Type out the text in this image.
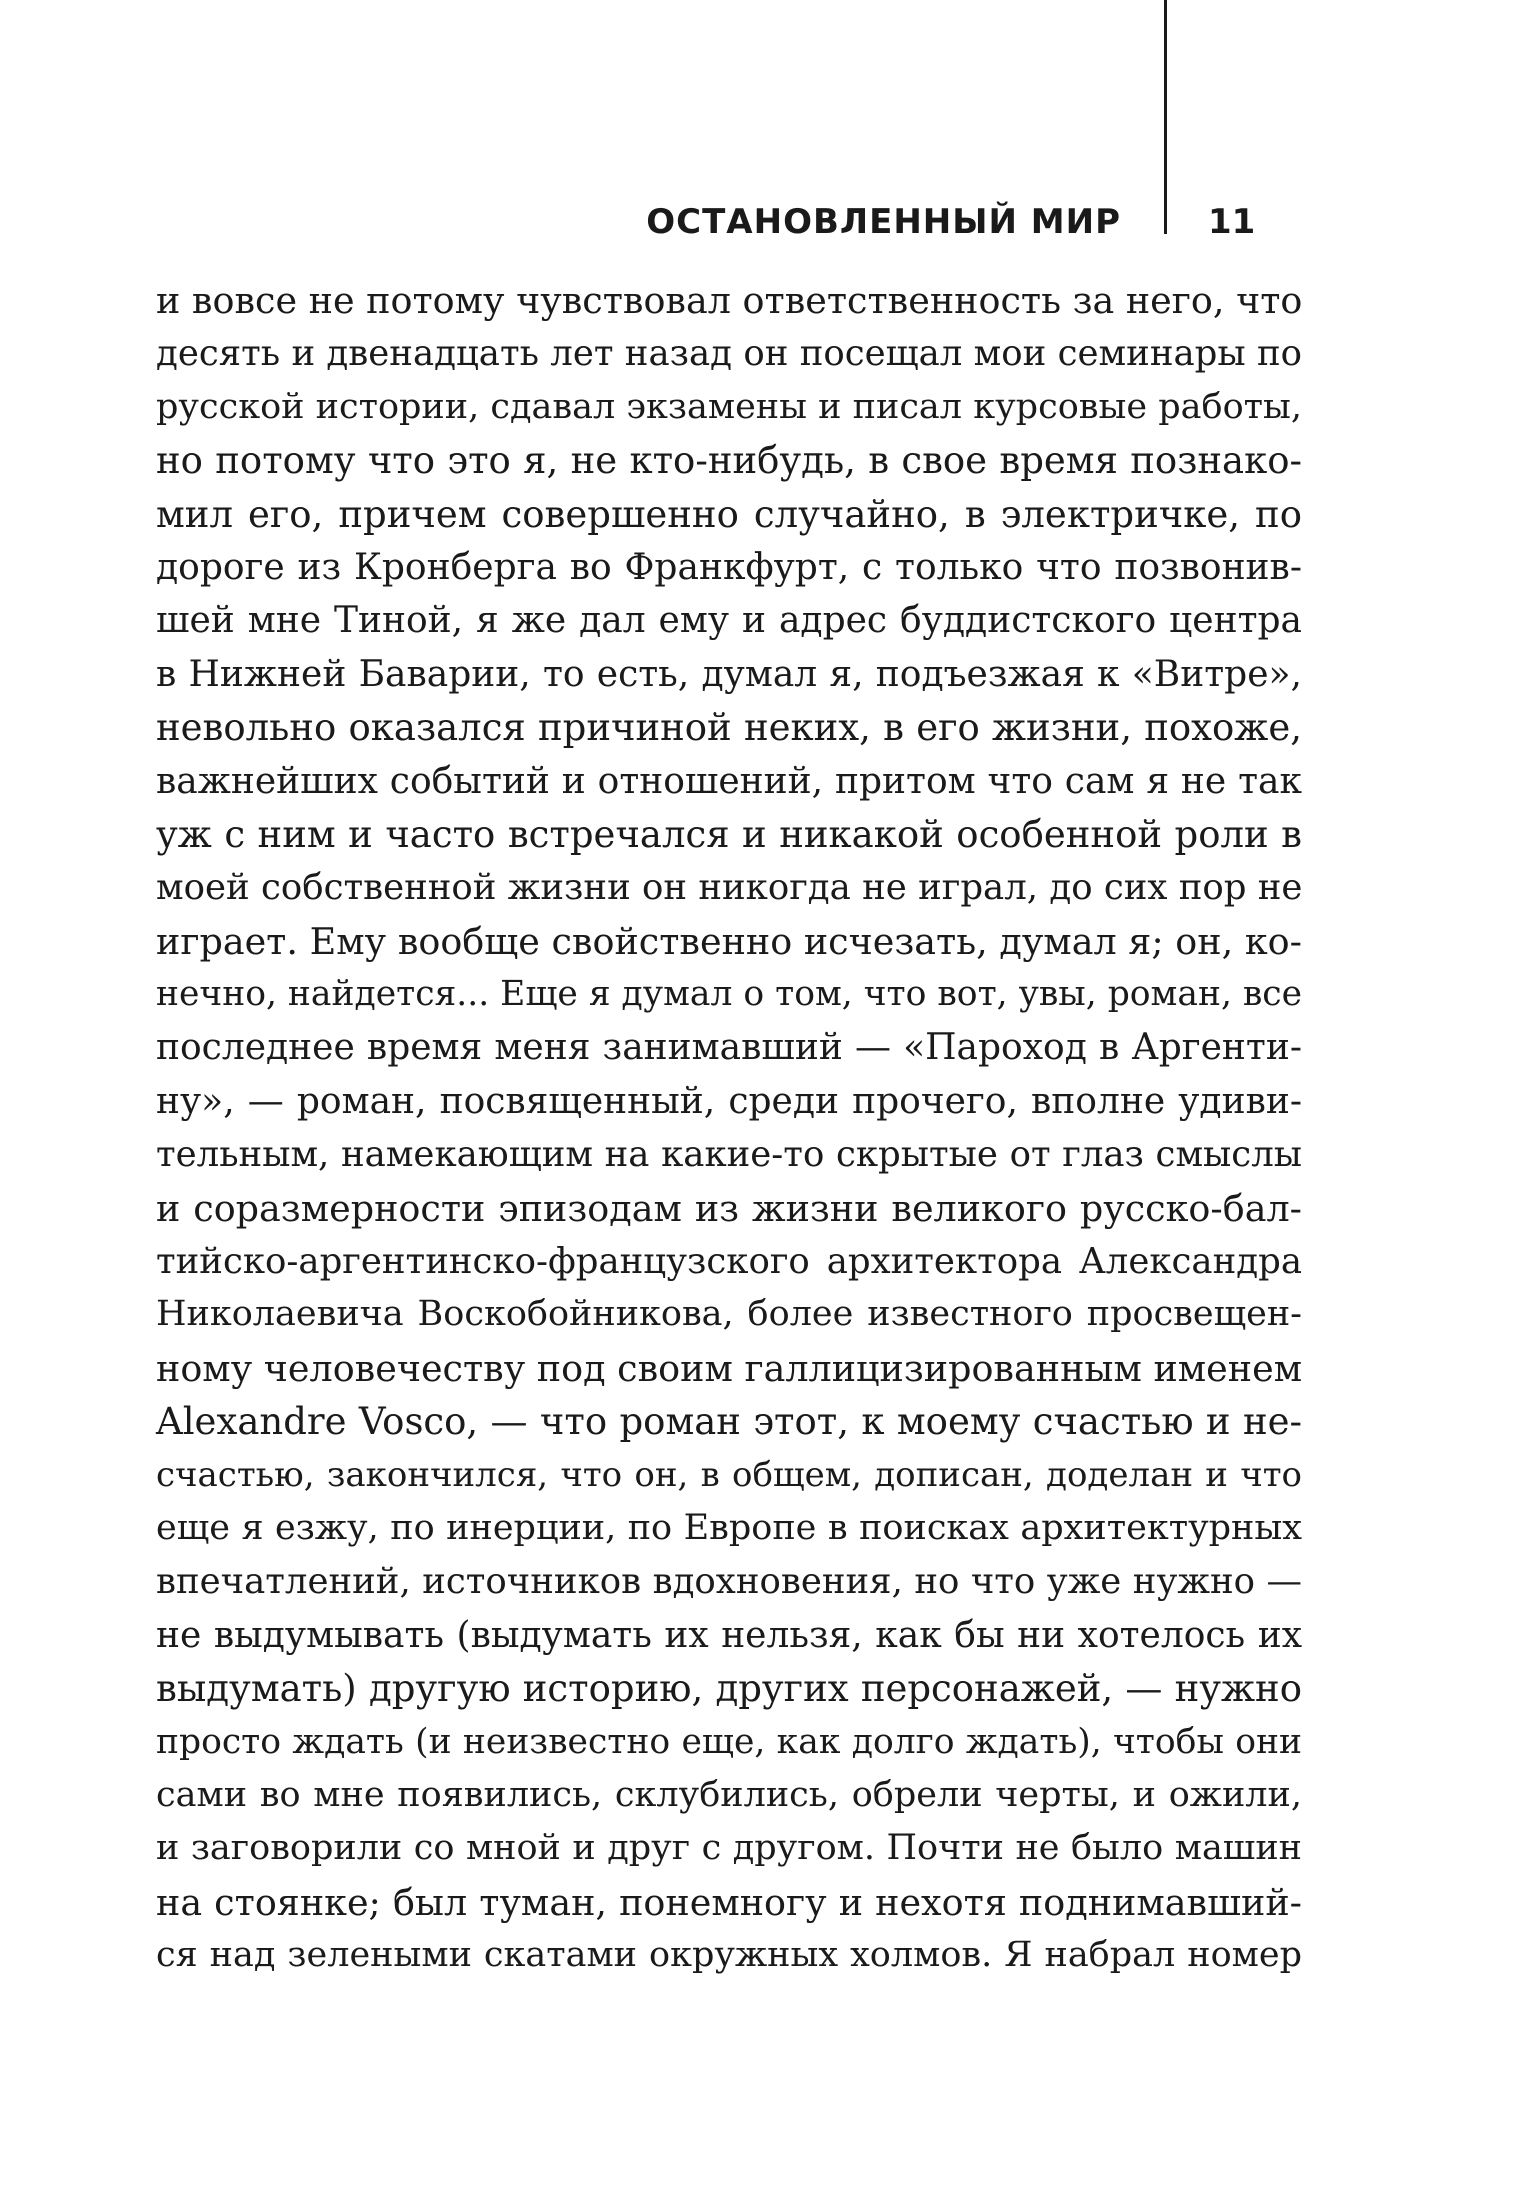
ОСТАНОВЛЕННЫЙ МИР	11
и вовсе не потому чувствовал ответственность за него, что
десять и двенадцать лет назад он посещал мои семинары по
русской истории, сдавал экзамены и писал курсовые работы,
но потому что это я, не кто-нибудь, в свое время познако-
мил его, причем совершенно случайно, в электричке, по
дороге из Кронберга во Франкфурт, с только что позвонив-
шей мне Тиной, я же дал ему и адрес буддистского центра
в Нижней Баварии, то есть, думал я, подъезжая к «Витре»,
невольно оказался причиной неких, в его жизни, похоже,
важнейших событий и отношений, притом что сам я не так
уж с ним и часто встречался и никакой особенной роли в
моей собственной жизни он никогда не играл, до сих пор не
играет. Ему вообще свойственно исчезать, думал я; он, ко-
нечно, найдется... Еще я думал о том, что вот, увы, роман, все
последнее время меня занимавший — «Пароход в Аргенти-
ну», — роман, посвященный, среди прочего, вполне удиви-
тельным, намекающим на какие-то скрытые от глаз смыслы
и соразмерности эпизодам из жизни великого русско-бал-
тийско-аргентинско-французского архитектора Александра
Николаевича Воскобойникова, более известного просвещен-
ному человечеству под своим галлицизированным именем
Alexandre Vosco, — что роман этот, к моему счастью и не-
счастью, закончился, что он, в общем, дописан, доделан и что
еще я езжу, по инерции, по Европе в поисках архитектурных
впечатлений, источников вдохновения, но что уже нужно —
не выдумывать (выдумать их нельзя, как бы ни хотелось их
выдумать) другую историю, других персонажей, — нужно
просто ждать (и неизвестно еще, как долго ждать), чтобы они
сами во мне появились, склубились, обрели черты, и ожили,
и заговорили со мной и друг с другом. Почти не было машин
на стоянке; был туман, понемногу и нехотя поднимавший-
ся над зелеными скатами окружных холмов. Я набрал номер
